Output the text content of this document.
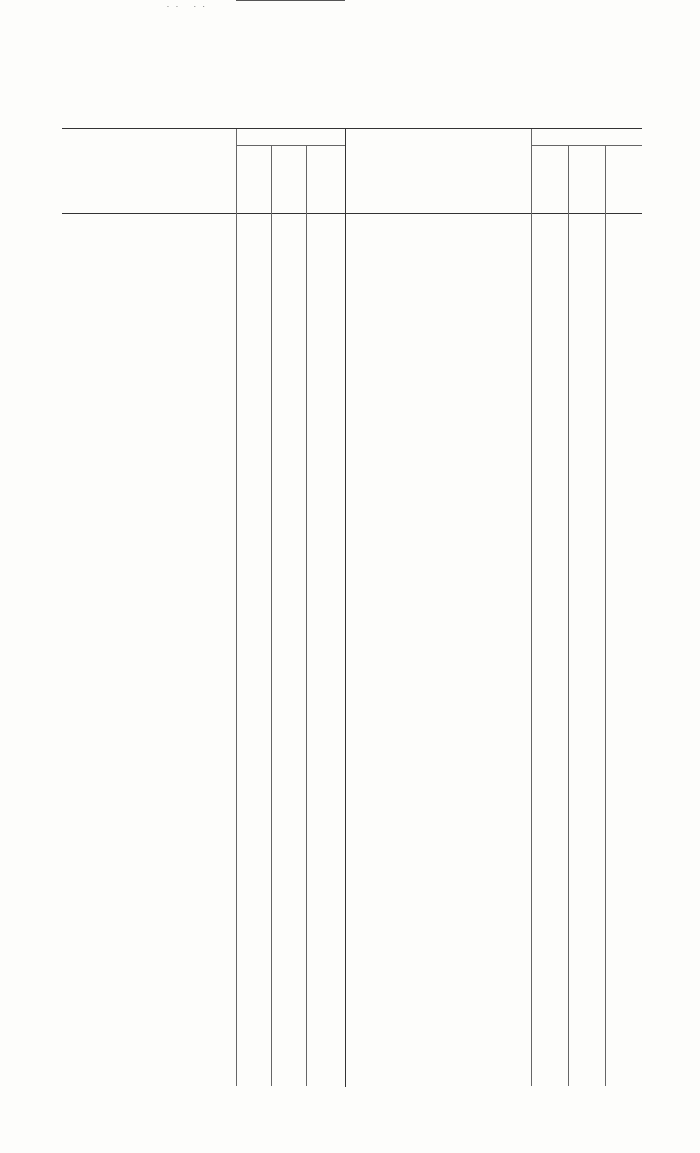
.. ..
